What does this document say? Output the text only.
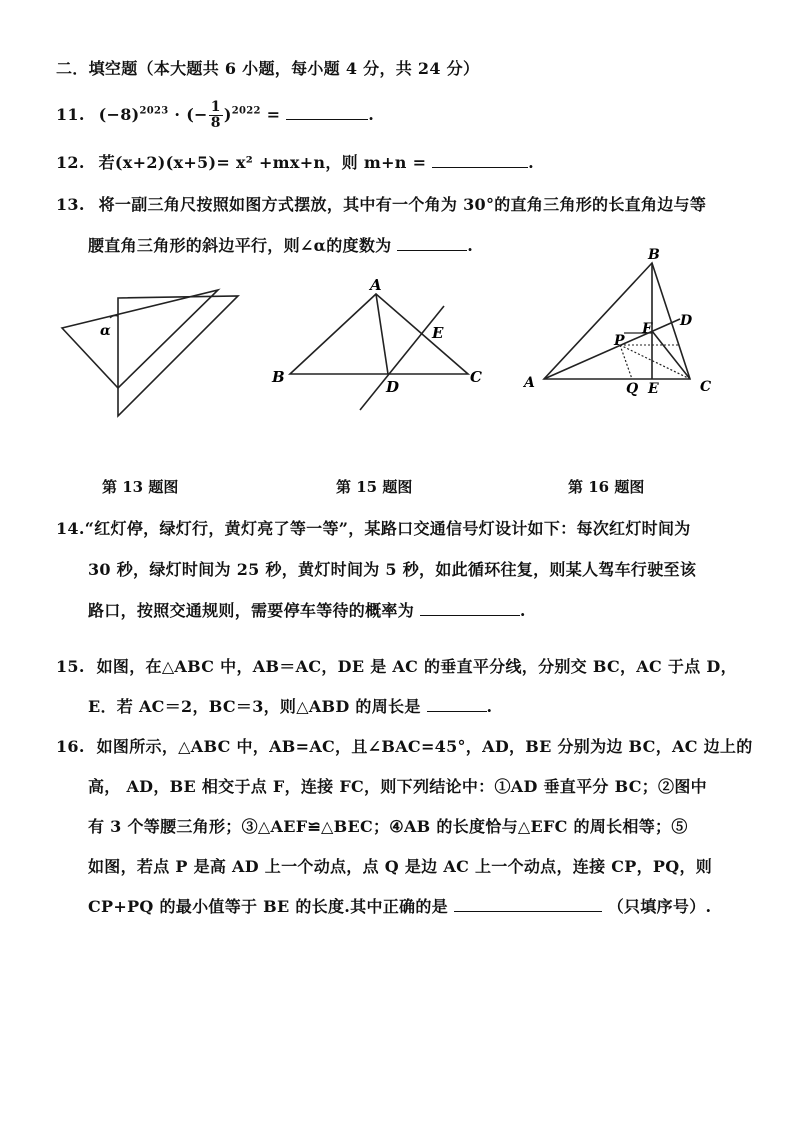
二．填空题（本大题共 6 小题，每小题 4 分，共 24 分）
11. $(-8)^{2023}$ · (− $\frac{1}{8} )^{2022}$ =	.
12. 若(x+2)(x+5)= x² +mx+n，则 m+n =	.
13. 将一副三角尺按照如图方式摆放，其中有一个角为 30°的直角三角形的长直角边与等
腰直角三角形的斜边平行，则∠α的度数为	.
α
A
B	C
D
E
B
A	C
D
E
F
P
Q
第 13 题图	第 15 题图	第 16 题图
14.“红灯停，绿灯行，黄灯亮了等一等”，某路口交通信号灯设计如下：每次红灯时间为
30 秒，绿灯时间为 25 秒，黄灯时间为 5 秒，如此循环往复，则某人驾车行驶至该
路口，按照交通规则，需要停车等待的概率为	.
15. 如图，在△ABC 中，AB＝AC，DE 是 AC 的垂直平分线，分别交 BC，AC 于点 D，
E．若 AC＝2，BC＝3，则△ABD 的周长是	.
16. 如图所示，△ABC 中，AB=AC，且∠BAC=45°，AD，BE 分别为边 BC，AC 边上的
高， AD，BE 相交于点 F，连接 FC，则下列结论中：①AD 垂直平分 BC；②图中
有 3 个等腰三角形；③△AEF≌△BEC；④AB 的长度恰与△EFC 的周长相等；⑤
如图，若点 P 是高 AD 上一个动点，点 Q 是边 AC 上一个动点，连接 CP，PQ，则
CP+PQ 的最小值等于 BE 的长度.其中正确的是	（只填序号）.
